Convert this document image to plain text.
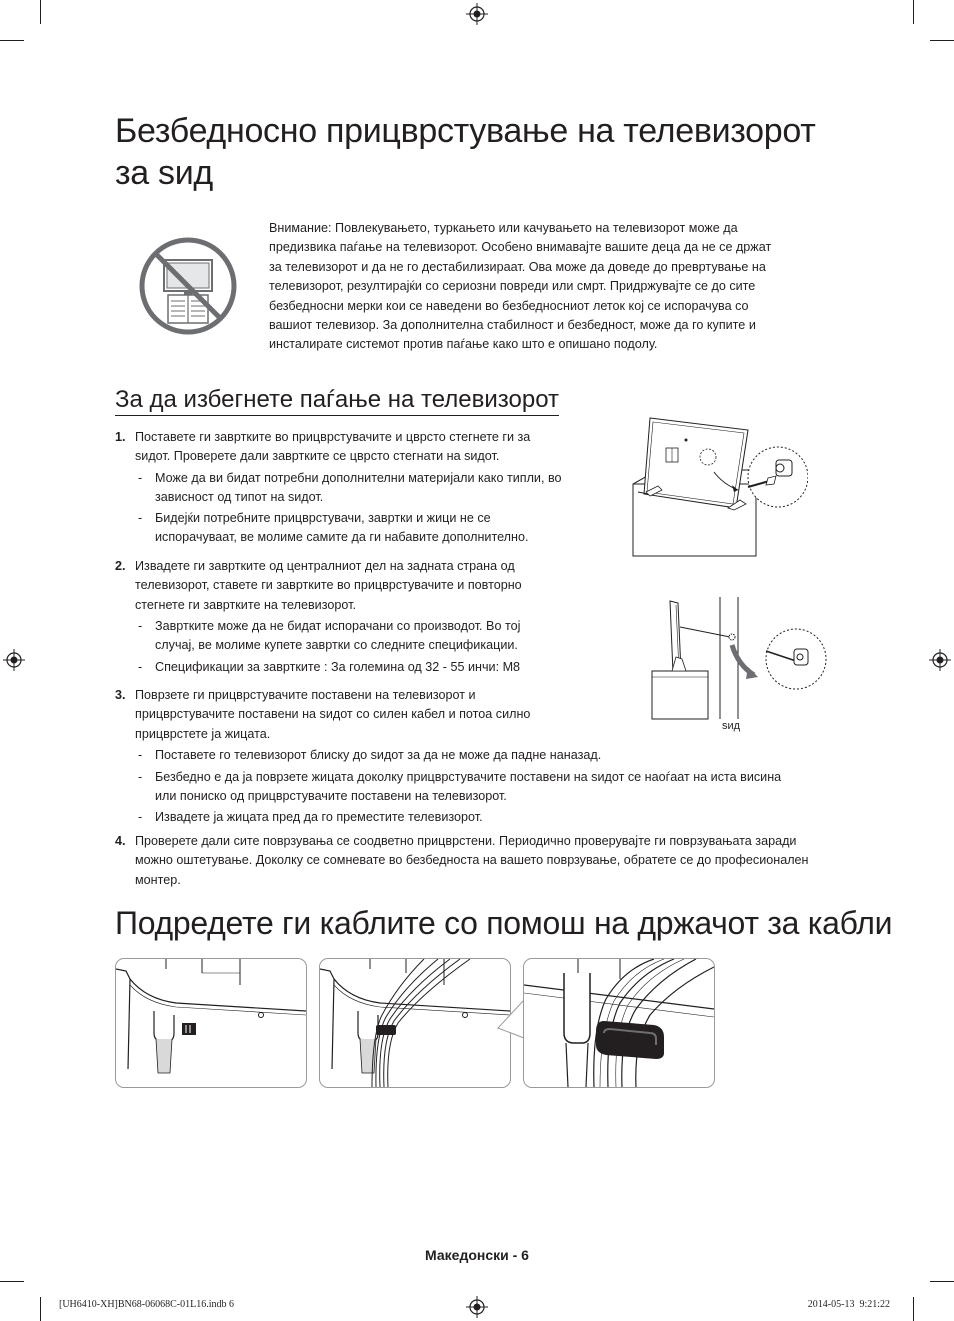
Безбедносно прицврстување на телевизорот
за ѕид
Внимание: Повлекувањето, туркањето или качувањето на телевизорот може да
предизвика паѓање на телевизорот. Особено внимавајте вашите деца да не се држат
за телевизорот и да не го дестабилизираат. Ова може да доведе до превртување на
телевизорот, резултирајќи со сериозни повреди или смрт. Придржувајте се до сите
безбедносни мерки кои се наведени во безбедносниот леток кој се испорачува со
вашиот телевизор. За дополнителна стабилност и безбедност, може да го купите и
инсталирате системот против паѓање како што е опишано подолу.
За да избегнете паѓање на телевизорот
1. Поставете ги завртките во прицврстувачите и цврсто стегнете ги за
ѕидот. Проверете дали завртките се цврсто стегнати на ѕидот.
- Може да ви бидат потребни дополнителни материјали како типли, во
зависност од типот на ѕидот.
- Бидејќи потребните прицврстувачи, завртки и жици не се
испорачуваат, ве молиме самите да ги набавите дополнително.
2. Извадете ги завртките од централниот дел на задната страна од
телевизорот, ставете ги завртките во прицврстувачите и повторно
стегнете ги завртките на телевизорот.
- Завртките може да не бидат испорачани со производот. Во тој
случај, ве молиме купете завртки со следните спецификации.
- Спецификации за завртките : За големина од 32 - 55 инчи: M8
3. Поврзете ги прицврстувачите поставени на телевизорот и
прицврстувачите поставени на ѕидот со силен кабел и потоа силно
прицврстете ја жицата.
- Поставете го телевизорот блиску до ѕидот за да не може да падне наназад.
- Безбедно е да ја поврзете жицата доколку прицврстувачите поставени на ѕидот се наоѓаат на иста висина
или пониско од прицврстувачите поставени на телевизорот.
- Извадете ја жицата пред да го преместите телевизорот.
4. Проверете дали сите поврзувања се соодветно прицврстени. Периодично проверувајте ги поврзувањата заради
можно оштетување. Доколку се сомневате во безбедноста на вашето поврзување, обратете се до професионален
монтер.
ѕид
Подредете ги каблите со помош на држачот за кабли
Македонски - 6
[UH6410-XH]BN68-06068C-01L16.indb 6	2014-05-13  9:21:22
